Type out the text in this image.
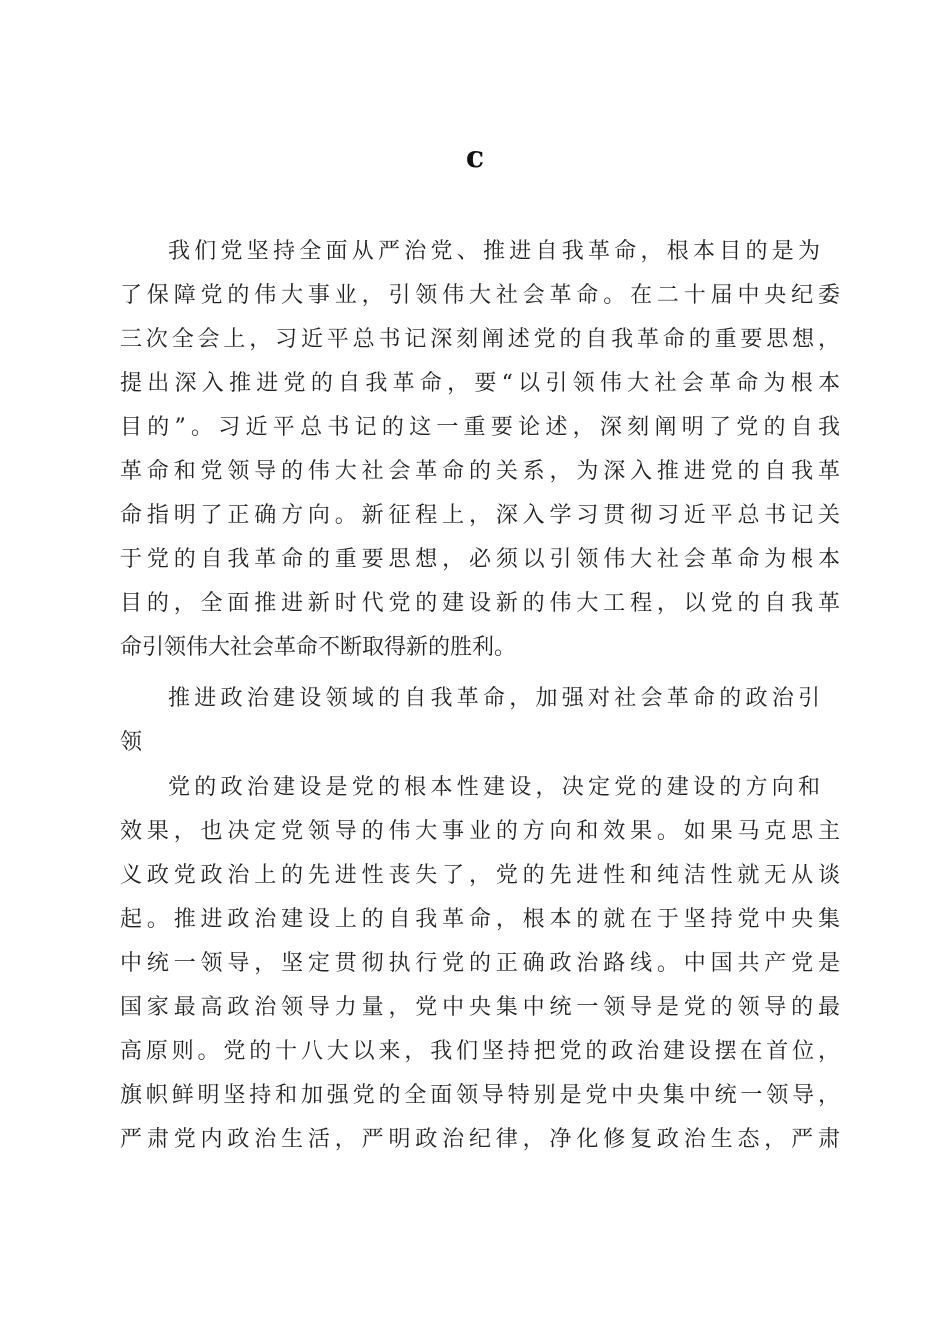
c
我们党坚持全面从严治党、推进自我革命，根本目的是为
了保障党的伟大事业，引领伟大社会革命。在二十届中央纪委
三次全会上，习近平总书记深刻阐述党的自我革命的重要思想，
提出深入推进党的自我革命，要“以引领伟大社会革命为根本
目的”。习近平总书记的这一重要论述，深刻阐明了党的自我
革命和党领导的伟大社会革命的关系，为深入推进党的自我革
命指明了正确方向。新征程上，深入学习贯彻习近平总书记关
于党的自我革命的重要思想，必须以引领伟大社会革命为根本
目的，全面推进新时代党的建设新的伟大工程，以党的自我革
命引领伟大社会革命不断取得新的胜利。
推进政治建设领域的自我革命，加强对社会革命的政治引
领
党的政治建设是党的根本性建设，决定党的建设的方向和
效果，也决定党领导的伟大事业的方向和效果。如果马克思主
义政党政治上的先进性丧失了，党的先进性和纯洁性就无从谈
起。推进政治建设上的自我革命，根本的就在于坚持党中央集
中统一领导，坚定贯彻执行党的正确政治路线。中国共产党是
国家最高政治领导力量，党中央集中统一领导是党的领导的最
高原则。党的十八大以来，我们坚持把党的政治建设摆在首位，
旗帜鲜明坚持和加强党的全面领导特别是党中央集中统一领导，
严肃党内政治生活，严明政治纪律，净化修复政治生态，严肃
